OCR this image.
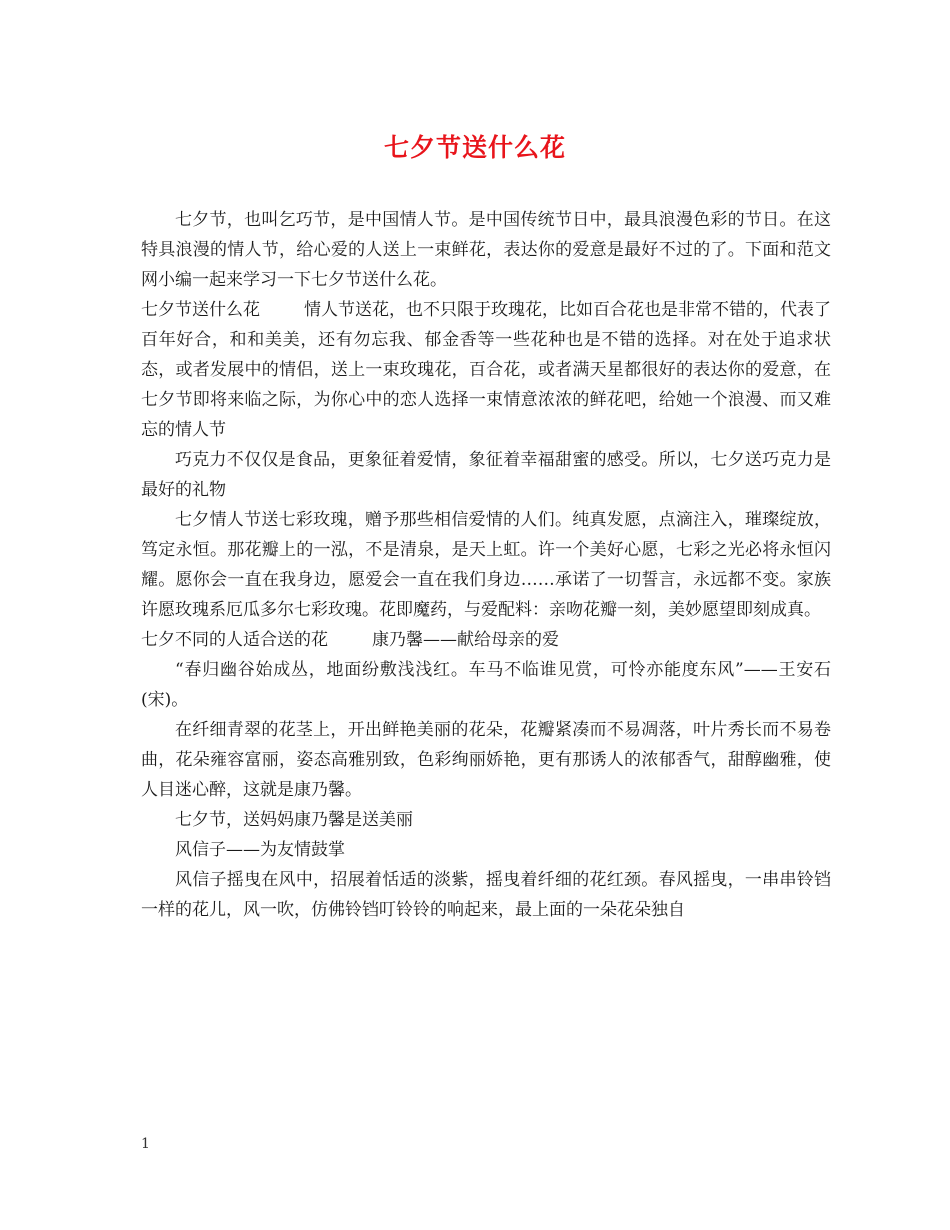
七夕节送什么花

七夕节，也叫乞巧节，是中国情人节。是中国传统节日中，最具浪漫色彩的节日。在这特具浪漫的情人节，给心爱的人送上一束鲜花，表达你的爱意是最好不过的了。下面和范文网小编一起来学习一下七夕节送什么花。

七夕节送什么花	情人节送花，也不只限于玫瑰花，比如百合花也是非常不错的，代表了百年好合，和和美美，还有勿忘我、郁金香等一些花种也是不错的选择。对在处于追求状态，或者发展中的情侣，送上一束玫瑰花，百合花，或者满天星都很好的表达你的爱意，在七夕节即将来临之际，为你心中的恋人选择一束情意浓浓的鲜花吧，给她一个浪漫、而又难忘的情人节

巧克力不仅仅是食品，更象征着爱情，象征着幸福甜蜜的感受。所以，七夕送巧克力是最好的礼物

七夕情人节送七彩玫瑰，赠予那些相信爱情的人们。纯真发愿，点滴注入，璀璨绽放，笃定永恒。那花瓣上的一泓，不是清泉，是天上虹。许一个美好心愿，七彩之光必将永恒闪耀。愿你会一直在我身边，愿爱会一直在我们身边……承诺了一切誓言，永远都不变。家族许愿玫瑰系厄瓜多尔七彩玫瑰。花即魔药，与爱配料：亲吻花瓣一刻，美妙愿望即刻成真。

七夕不同的人适合送的花	康乃馨——献给母亲的爱

“春归幽谷始成丛，地面纷敷浅浅红。车马不临谁见赏，可怜亦能度东风”——王安石(宋)。

在纤细青翠的花茎上，开出鲜艳美丽的花朵，花瓣紧凑而不易凋落，叶片秀长而不易卷曲，花朵雍容富丽，姿态高雅别致，色彩绚丽娇艳，更有那诱人的浓郁香气，甜醇幽雅，使人目迷心醉，这就是康乃馨。

七夕节，送妈妈康乃馨是送美丽

风信子——为友情鼓掌

风信子摇曳在风中，招展着恬适的淡紫，摇曳着纤细的花红颈。春风摇曳，一串串铃铛一样的花儿，风一吹，仿佛铃铛叮铃铃的响起来，最上面的一朵花朵独自

1
